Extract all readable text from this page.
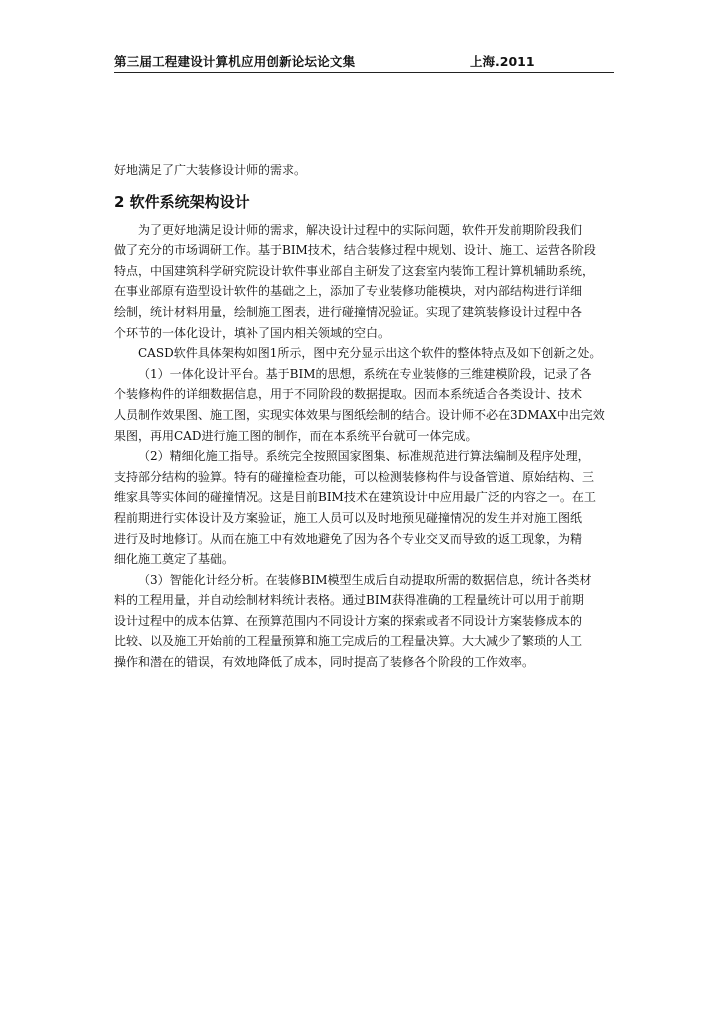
第三届工程建设计算机应用创新论坛论文集	上海.2011
好地满足了广大装修设计师的需求。
2 软件系统架构设计
为了更好地满足设计师的需求，解决设计过程中的实际问题，软件开发前期阶段我们
做了充分的市场调研工作。基于BIM技术，结合装修过程中规划、设计、施工、运营各阶段
特点，中国建筑科学研究院设计软件事业部自主研发了这套室内装饰工程计算机辅助系统，
在事业部原有造型设计软件的基础之上，添加了专业装修功能模块，对内部结构进行详细
绘制，统计材料用量，绘制施工图表，进行碰撞情况验证。实现了建筑装修设计过程中各
个环节的一体化设计，填补了国内相关领域的空白。
CASD软件具体架构如图1所示，图中充分显示出这个软件的整体特点及如下创新之处。
（1）一体化设计平台。基于BIM的思想，系统在专业装修的三维建模阶段，记录了各
个装修构件的详细数据信息，用于不同阶段的数据提取。因而本系统适合各类设计、技术
人员制作效果图、施工图，实现实体效果与图纸绘制的结合。设计师不必在3DMAX中出完效
果图，再用CAD进行施工图的制作，而在本系统平台就可一体完成。
（2）精细化施工指导。系统完全按照国家图集、标准规范进行算法编制及程序处理，
支持部分结构的验算。特有的碰撞检查功能，可以检测装修构件与设备管道、原始结构、三
维家具等实体间的碰撞情况。这是目前BIM技术在建筑设计中应用最广泛的内容之一。在工
程前期进行实体设计及方案验证，施工人员可以及时地预见碰撞情况的发生并对施工图纸
进行及时地修订。从而在施工中有效地避免了因为各个专业交叉而导致的返工现象，为精
细化施工奠定了基础。
（3）智能化计经分析。在装修BIM模型生成后自动提取所需的数据信息，统计各类材
料的工程用量，并自动绘制材料统计表格。通过BIM获得准确的工程量统计可以用于前期
设计过程中的成本估算、在预算范围内不同设计方案的探索或者不同设计方案装修成本的
比较、以及施工开始前的工程量预算和施工完成后的工程量决算。大大减少了繁琐的人工
操作和潜在的错误，有效地降低了成本，同时提高了装修各个阶段的工作效率。
